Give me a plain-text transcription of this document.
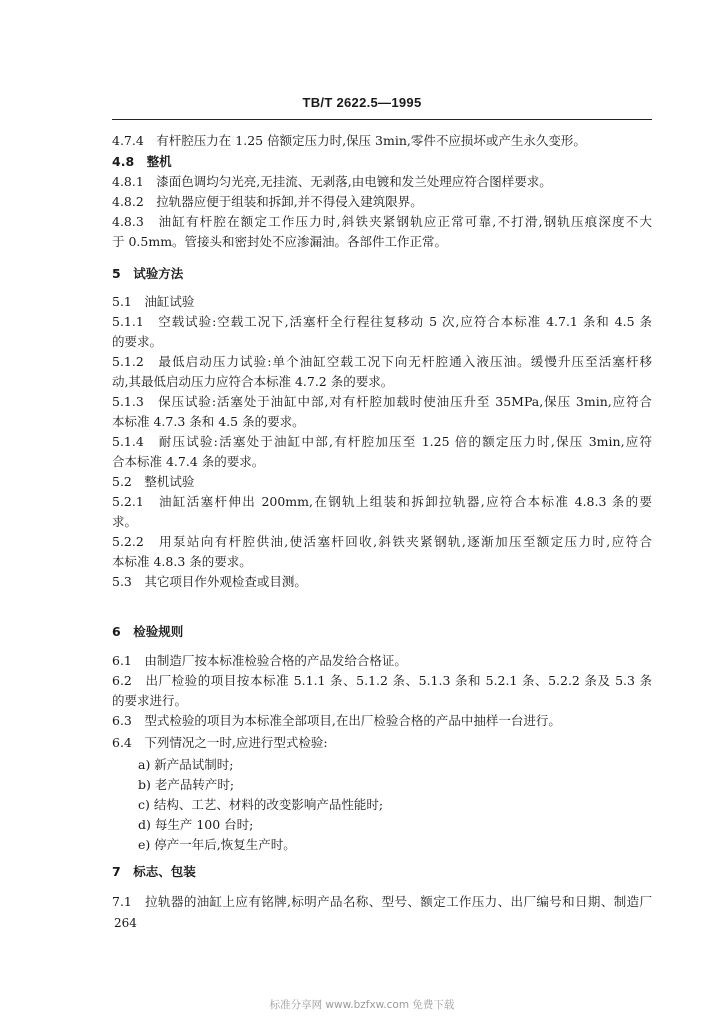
TB/T 2622.5—1995
4.7.4　有杆腔压力在 1.25 倍额定压力时,保压 3min,零件不应损坏或产生永久变形。
4.8　整机
4.8.1　漆面色调均匀光亮,无挂流、无剥落,由电镀和发兰处理应符合图样要求。
4.8.2　拉轨器应便于组装和拆卸,并不得侵入建筑限界。
4.8.3　油缸有杆腔在额定工作压力时,斜铁夹紧钢轨应正常可靠,不打滑,钢轨压痕深度不大
于 0.5mm。管接头和密封处不应渗漏油。各部件工作正常。
5　试验方法
5.1　油缸试验
5.1.1　空载试验:空载工况下,活塞杆全行程往复移动 5 次,应符合本标准 4.7.1 条和 4.5 条
的要求。
5.1.2　最低启动压力试验:单个油缸空载工况下向无杆腔通入液压油。缓慢升压至活塞杆移
动,其最低启动压力应符合本标准 4.7.2 条的要求。
5.1.3　保压试验:活塞处于油缸中部,对有杆腔加载时使油压升至 35MPa,保压 3min,应符合
本标准 4.7.3 条和 4.5 条的要求。
5.1.4　耐压试验:活塞处于油缸中部,有杆腔加压至 1.25 倍的额定压力时,保压 3min,应符
合本标准 4.7.4 条的要求。
5.2　整机试验
5.2.1　油缸活塞杆伸出 200mm,在钢轨上组装和拆卸拉轨器,应符合本标准 4.8.3 条的要
求。
5.2.2　用泵站向有杆腔供油,使活塞杆回收,斜铁夹紧钢轨,逐渐加压至额定压力时,应符合
本标准 4.8.3 条的要求。
5.3　其它项目作外观检查或目测。
6　检验规则
6.1　由制造厂按本标准检验合格的产品发给合格证。
6.2　出厂检验的项目按本标准 5.1.1 条、5.1.2 条、5.1.3 条和 5.2.1 条、5.2.2 条及 5.3 条
的要求进行。
6.3　型式检验的项目为本标准全部项目,在出厂检验合格的产品中抽样一台进行。
6.4　下列情况之一时,应进行型式检验:
a) 新产品试制时;
b) 老产品转产时;
c) 结构、工艺、材料的改变影响产品性能时;
d) 每生产 100 台时;
e) 停产一年后,恢复生产时。
7　标志、包装
7.1　拉轨器的油缸上应有铭牌,标明产品名称、型号、额定工作压力、出厂编号和日期、制造厂
264
标准分享网 www.bzfxw.com 免费下载
